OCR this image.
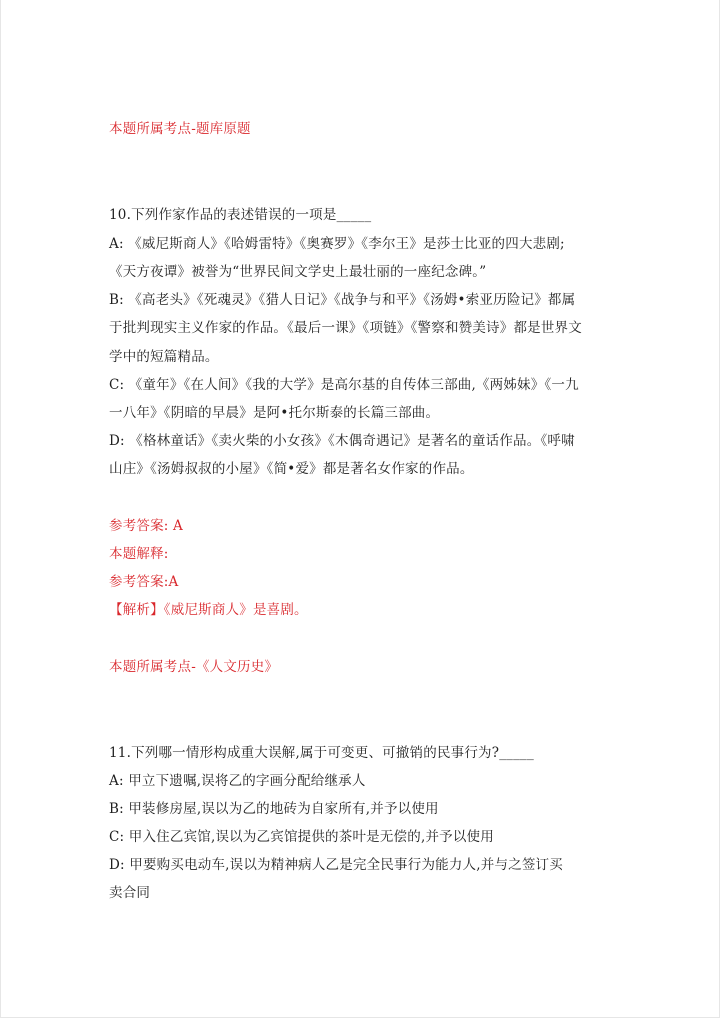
本题所属考点-题库原题
10.下列作家作品的表述错误的一项是_____
A: 《威尼斯商人》《哈姆雷特》《奥赛罗》《李尔王》是莎士比亚的四大悲剧;
《天方夜谭》被誉为“世界民间文学史上最壮丽的一座纪念碑。”
B: 《高老头》《死魂灵》《猎人日记》《战争与和平》《汤姆•索亚历险记》都属
于批判现实主义作家的作品。《最后一课》《项链》《警察和赞美诗》都是世界文
学中的短篇精品。
C: 《童年》《在人间》《我的大学》是高尔基的自传体三部曲,《两姊妹》《一九
一八年》《阴暗的早晨》是阿•托尔斯泰的长篇三部曲。
D: 《格林童话》《卖火柴的小女孩》《木偶奇遇记》是著名的童话作品。《呼啸
山庄》《汤姆叔叔的小屋》《简•爱》都是著名女作家的作品。
参考答案: A
本题解释:
参考答案:A
【解析】《威尼斯商人》是喜剧。
本题所属考点-《人文历史》
11.下列哪一情形构成重大误解,属于可变更、可撤销的民事行为?_____
A: 甲立下遗嘱,误将乙的字画分配给继承人
B: 甲装修房屋,误以为乙的地砖为自家所有,并予以使用
C: 甲入住乙宾馆,误以为乙宾馆提供的茶叶是无偿的,并予以使用
D: 甲要购买电动车,误以为精神病人乙是完全民事行为能力人,并与之签订买
卖合同
